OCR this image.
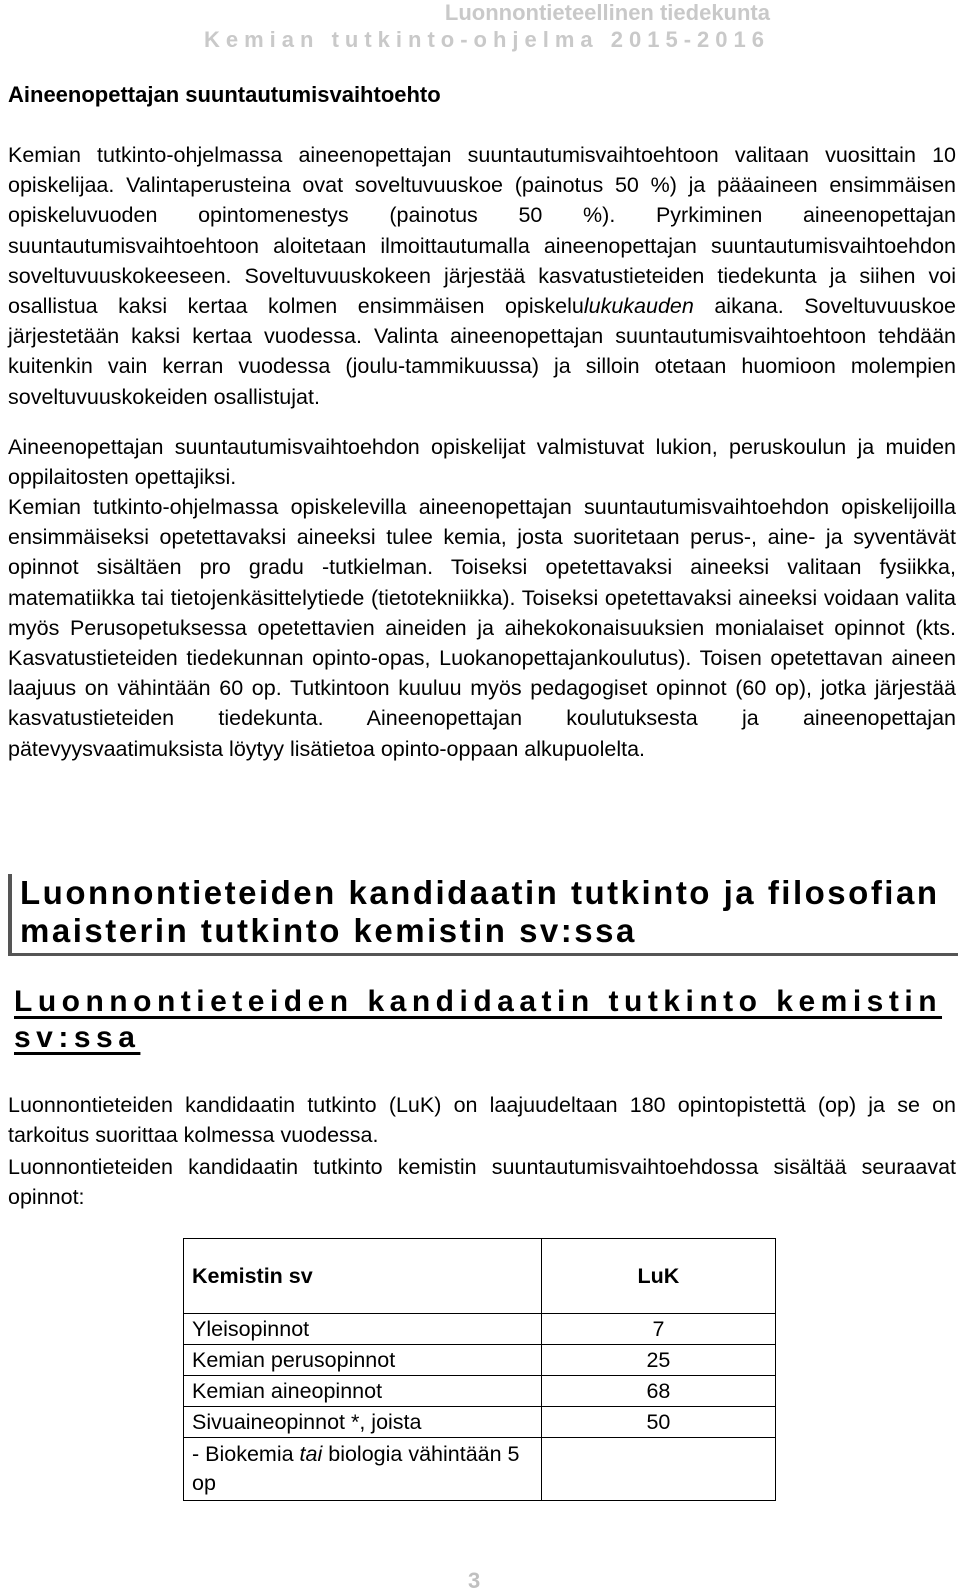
Luonnontieteellinen tiedekunta
Kemian tutkinto-ohjelma 2015-2016
Aineenopettajan suuntautumisvaihtoehto
Kemian tutkinto-ohjelmassa aineenopettajan suuntautumisvaihtoehtoon valitaan vuosittain 10 opiskelijaa. Valintaperusteina ovat soveltuvuuskoe (painotus 50 %) ja pääaineen ensimmäisen opiskeluvuoden opintomenestys (painotus 50 %). Pyrkiminen aineenopettajan suuntautumisvaihtoehtoon aloitetaan ilmoittautumalla aineenopettajan suuntautumisvaihtoehdon soveltuvuuskokeeseen. Soveltuvuuskokeen järjestää kasvatustieteiden tiedekunta ja siihen voi osallistua kaksi kertaa kolmen ensimmäisen opiskelulukukauden aikana. Soveltuvuuskoe järjestetään kaksi kertaa vuodessa. Valinta aineenopettajan suuntautumisvaihtoehtoon tehdään kuitenkin vain kerran vuodessa (joulu-tammikuussa) ja silloin otetaan huomioon molempien soveltuvuuskokeiden osallistujat.
Aineenopettajan suuntautumisvaihtoehdon opiskelijat valmistuvat lukion, peruskoulun ja muiden oppilaitosten opettajiksi.
Kemian tutkinto-ohjelmassa opiskelevilla aineenopettajan suuntautumisvaihtoehdon opiskelijoilla ensimmäiseksi opetettavaksi aineeksi tulee kemia, josta suoritetaan perus-, aine- ja syventävät opinnot sisältäen pro gradu -tutkielman. Toiseksi opetettavaksi aineeksi valitaan fysiikka, matematiikka tai tietojenkäsittelytiede (tietotekniikka). Toiseksi opetettavaksi aineeksi voidaan valita myös Perusopetuksessa opetettavien aineiden ja aihekokonaisuuksien monialaiset opinnot (kts. Kasvatustieteiden tiedekunnan opinto-opas, Luokanopettajankoulutus). Toisen opetettavan aineen laajuus on vähintään 60 op. Tutkintoon kuuluu myös pedagogiset opinnot (60 op), jotka järjestää kasvatustieteiden tiedekunta. Aineenopettajan koulutuksesta ja aineenopettajan pätevyysvaatimuksista löytyy lisätietoa opinto-oppaan alkupuolelta.
Luonnontieteiden kandidaatin tutkinto ja filosofian maisterin tutkinto kemistin sv:ssa
Luonnontieteiden kandidaatin tutkinto kemistin sv:ssa
Luonnontieteiden kandidaatin tutkinto (LuK) on laajuudeltaan 180 opintopistettä (op) ja se on tarkoitus suorittaa kolmessa vuodessa.
Luonnontieteiden kandidaatin tutkinto kemistin suuntautumisvaihtoehdossa sisältää seuraavat opinnot:
Kemistin sv	LuK
Yleisopinnot	7
Kemian perusopinnot	25
Kemian aineopinnot	68
Sivuaineopinnot *, joista	50
- Biokemia tai biologia vähintään 5 op	
3
